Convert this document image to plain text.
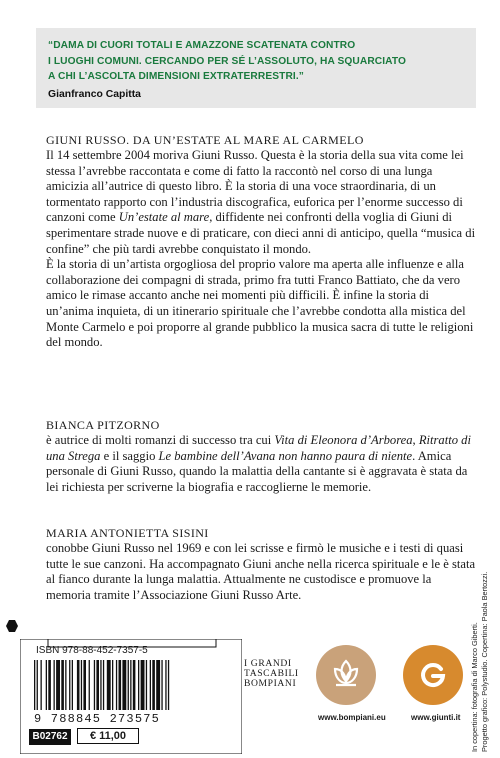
“DAMA DI CUORI TOTALI E AMAZZONE SCATENATA CONTRO
I LUOGHI COMUNI. CERCANDO PER SÉ L’ASSOLUTO, HA SQUARCIATO
A CHI L’ASCOLTA DIMENSIONI EXTRATERRESTRI.”
Gianfranco Capitta
GIUNI RUSSO. DA UN’ESTATE AL MARE AL CARMELO
Il 14 settembre 2004 moriva Giuni Russo. Questa è la storia della sua vita come lei stessa l’avrebbe raccontata e come di fatto la raccontò nel corso di una lunga amicizia all’autrice di questo libro. È la storia di una voce straordinaria, di un tormentato rapporto con l’industria discografica, euforica per l’enorme successo di canzoni come Un’estate al mare, diffidente nei confronti della voglia di Giuni di sperimentare strade nuove e di praticare, con dieci anni di anticipo, quella “musica di confine” che più tardi avrebbe conquistato il mondo.
È la storia di un’artista orgogliosa del proprio valore ma aperta alle influenze e alla collaborazione dei compagni di strada, primo fra tutti Franco Battiato, che da vero amico le rimase accanto anche nei momenti più difficili. È infine la storia di un’anima inquieta, di un itinerario spirituale che l’avrebbe condotta alla mistica del Monte Carmelo e poi proporre al grande pubblico la musica sacra di tutte le religioni del mondo.
BIANCA PITZORNO
è autrice di molti romanzi di successo tra cui Vita di Eleonora d’Arborea, Ritratto di una Strega e il saggio Le bambine dell’Avana non hanno paura di niente. Amica personale di Giuni Russo, quando la malattia della cantante si è aggravata è stata da lei richiesta per scriverne la biografia e raccoglierne le memorie.
MARIA ANTONIETTA SISINI
conobbe Giuni Russo nel 1969 e con lei scrisse e firmò le musiche e i testi di quasi tutte le sue canzoni. Ha accompagnato Giuni anche nella ricerca spirituale e le è stata al fianco durante la lunga malattia. Attualmente ne custodisce e promuove la memoria tramite l’Associazione Giuni Russo Arte.
ISBN 978-88-452-7357-5
9 788845 273575
B02762	€ 11,00
I GRANDI
TASCABILI
BOMPIANI
www.bompiani.eu	www.giunti.it In copertina: fotografia di Marco Giberti. Progetto grafico: Polystudio. Copertina: Paola Bertozzi.
